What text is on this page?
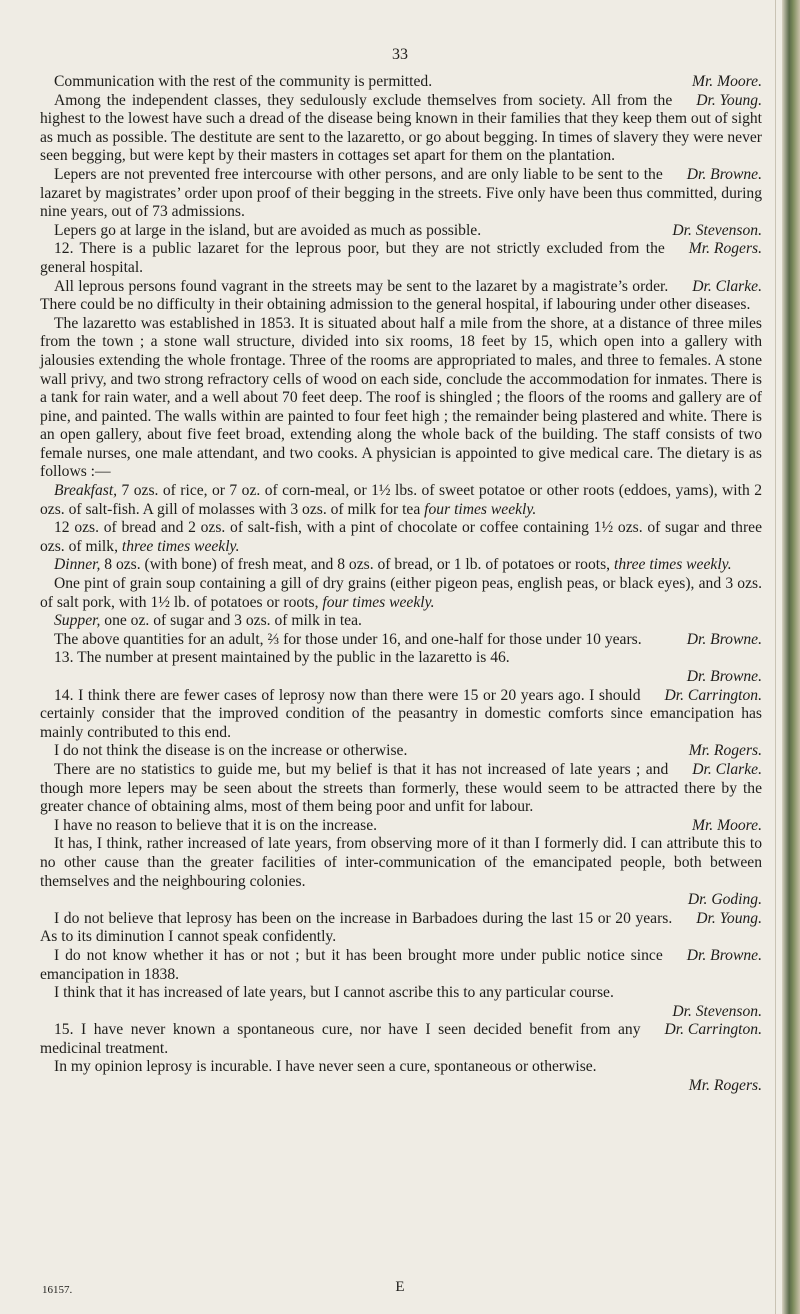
33
Mr. Moore.
Communication with the rest of the community is permitted.
Dr. Young.
Among the independent classes, they sedulously exclude themselves from society. All from the highest to the lowest have such a dread of the disease being known in their families that they keep them out of sight as much as possible. The destitute are sent to the lazaretto, or go about begging. In times of slavery they were never seen begging, but were kept by their masters in cottages set apart for them on the plantation.
Dr. Browne.
Lepers are not prevented free intercourse with other persons, and are only liable to be sent to the lazaret by magistrates’ order upon proof of their begging in the streets. Five only have been thus committed, during nine years, out of 73 admissions.
Dr. Stevenson.
Lepers go at large in the island, but are avoided as much as possible.
Mr. Rogers.
12. There is a public lazaret for the leprous poor, but they are not strictly excluded from the general hospital.
Dr. Clarke.
All leprous persons found vagrant in the streets may be sent to the lazaret by a magistrate’s order. There could be no difficulty in their obtaining admission to the general hospital, if labouring under other diseases.
The lazaretto was established in 1853. It is situated about half a mile from the shore, at a distance of three miles from the town ; a stone wall structure, divided into six rooms, 18 feet by 15, which open into a gallery with jalousies extending the whole frontage. Three of the rooms are appropriated to males, and three to females. A stone wall privy, and two strong refractory cells of wood on each side, conclude the accommodation for inmates. There is a tank for rain water, and a well about 70 feet deep. The roof is shingled ; the floors of the rooms and gallery are of pine, and painted. The walls within are painted to four feet high ; the remainder being plastered and white. There is an open gallery, about five feet broad, extending along the whole back of the building. The staff consists of two female nurses, one male attendant, and two cooks. A physician is appointed to give medical care. The dietary is as follows :—
Breakfast, 7 ozs. of rice, or 7 oz. of corn-meal, or 1½ lbs. of sweet potatoe or other roots (eddoes, yams), with 2 ozs. of salt-fish. A gill of molasses with 3 ozs. of milk for tea four times weekly.
12 ozs. of bread and 2 ozs. of salt-fish, with a pint of chocolate or coffee containing 1½ ozs. of sugar and three ozs. of milk, three times weekly.
Dinner, 8 ozs. (with bone) of fresh meat, and 8 ozs. of bread, or 1 lb. of potatoes or roots, three times weekly.
One pint of grain soup containing a gill of dry grains (either pigeon peas, english peas, or black eyes), and 3 ozs. of salt pork, with 1½ lb. of potatoes or roots, four times weekly.
Supper, one oz. of sugar and 3 ozs. of milk in tea.
Dr. Browne.
The above quantities for an adult, ⅔ for those under 16, and one-half for those under 10 years.
13. The number at present maintained by the public in the lazaretto is 46.
Dr. Browne.
Dr. Carrington.
14. I think there are fewer cases of leprosy now than there were 15 or 20 years ago. I should certainly consider that the improved condition of the peasantry in domestic comforts since emancipation has mainly contributed to this end.
Mr. Rogers.
I do not think the disease is on the increase or otherwise.
Dr. Clarke.
There are no statistics to guide me, but my belief is that it has not increased of late years ; and though more lepers may be seen about the streets than formerly, these would seem to be attracted there by the greater chance of obtaining alms, most of them being poor and unfit for labour.
Mr. Moore.
I have no reason to believe that it is on the increase.
It has, I think, rather increased of late years, from observing more of it than I formerly did. I can attribute this to no other cause than the greater facilities of inter-communication of the emancipated people, both between themselves and the neighbouring colonies.
Dr. Goding.
Dr. Young.
I do not believe that leprosy has been on the increase in Barbadoes during the last 15 or 20 years. As to its diminution I cannot speak confidently.
Dr. Browne.
I do not know whether it has or not ; but it has been brought more under public notice since emancipation in 1838.
I think that it has increased of late years, but I cannot ascribe this to any particular course.
Dr. Stevenson.
Dr. Carrington.
15. I have never known a spontaneous cure, nor have I seen decided benefit from any medicinal treatment.
In my opinion leprosy is incurable. I have never seen a cure, spontaneous or otherwise.
Mr. Rogers.
16157.	E
